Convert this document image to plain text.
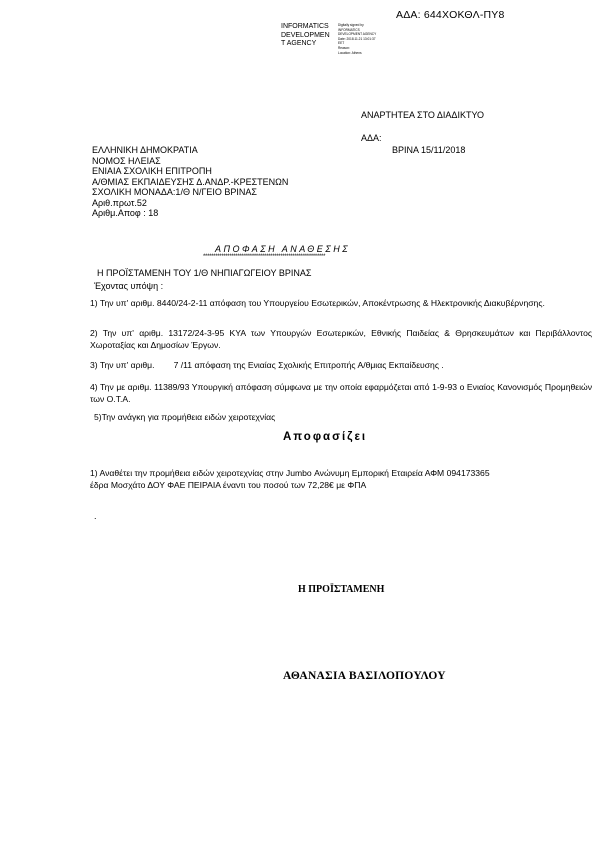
ΑΔΑ: 644ΧΟΚΘΛ-ΠΥ8
INFORMATICS
DEVELOPMEN
T AGENCY
Digitally signed by
INFORMATICS
DEVELOPMENT AGENCY
Date: 2018.11.21 13:01:37
EET
Reason:
Location: Athens
ΑΝΑΡΤΗΤΕΑ ΣΤΟ ΔΙΑΔΙΚΤΥΟ
ΑΔΑ:
ΒΡΙΝΑ 15/11/2018
ΕΛΛΗΝΙΚΗ ΔΗΜΟΚΡΑΤΙΑ
ΝΟΜΟΣ ΗΛΕΙΑΣ
ΕΝΙΑΙΑ ΣΧΟΛΙΚΗ ΕΠΙΤΡΟΠΗ
Α/ΘΜΙΑΣ ΕΚΠΑΙΔΕΥΣΗΣ Δ.ΑΝΔΡ.-ΚΡΕΣΤΕΝΩΝ
ΣΧΟΛΙΚΗ ΜΟΝΑΔΑ:1/Θ Ν/ΓΕΙΟ ΒΡΙΝΑΣ
Αριθ.πρωτ.52
Αριθμ.Αποφ : 18
ΑΠΟΦΑΣΗ ΑΝΑΘΕΣΗΣ
************************************************************
Η ΠΡΟΪΣΤΑΜΕΝΗ ΤΟΥ 1/Θ ΝΗΠΙΑΓΩΓΕΙΟΥ ΒΡΙΝΑΣ
Έχοντας υπόψη :
1) Την υπ' αριθμ. 8440/24-2-11 απόφαση του Υπουργείου Εσωτερικών, Αποκέντρωσης & Ηλεκτρονικής Διακυβέρνησης.
2) Την υπ' αριθμ. 13172/24-3-95 ΚΥΑ των Υπουργών Εσωτερικών, Εθνικής Παιδείας & Θρησκευμάτων και Περιβάλλοντος Χωροταξίας και Δημοσίων Έργων.
3) Την υπ' αριθμ.        7 /11 απόφαση της Ενιαίας Σχολικής Επιτροπής Α/θμιας Εκπαίδευσης .
4) Την με αριθμ. 11389/93 Υπουργική απόφαση σύμφωνα με την οποία εφαρμόζεται από 1-9-93 ο Ενιαίος Κανονισμός Προμηθειών των Ο.Τ.Α.
5)Την ανάγκη για προμήθεια ειδών χειροτεχνίας
Αποφασίζει
1) Αναθέτει την προμήθεια ειδών χειροτεχνίας στην Jumbo Ανώνυμη Εμπορική Εταιρεία ΑΦΜ 094173365 έδρα Μοσχάτο ΔΟΥ ΦΑΕ ΠΕΙΡΑΙΑ έναντι του ποσού των 72,28€ με ΦΠΑ
.
Η ΠΡΟΪΣΤΑΜΕΝΗ
ΑΘΑΝΑΣΙΑ ΒΑΣΙΛΟΠΟΥΛΟΥ
